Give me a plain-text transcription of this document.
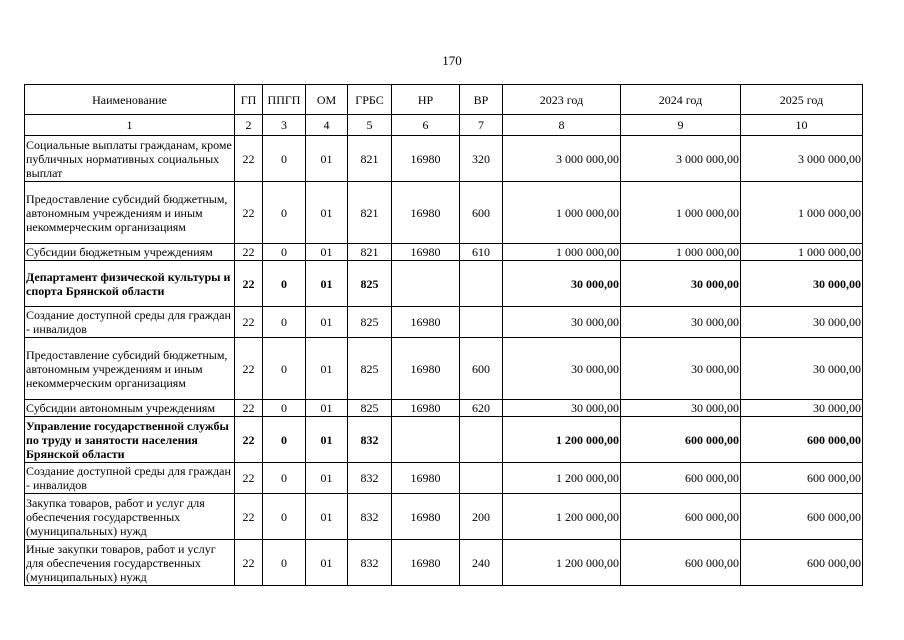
170
Наименование	ГП	ППГП	ОМ	ГРБС	НР	ВР	2023 год	2024 год	2025 год
1	2	3	4	5	6	7	8	9	10
Социальные выплаты гражданам, кроме публичных нормативных социальных выплат	22	0	01	821	16980	320	3 000 000,00	3 000 000,00	3 000 000,00
Предоставление субсидий бюджетным, автономным учреждениям и иным некоммерческим организациям	22	0	01	821	16980	600	1 000 000,00	1 000 000,00	1 000 000,00
Субсидии бюджетным учреждениям	22	0	01	821	16980	610	1 000 000,00	1 000 000,00	1 000 000,00
Департамент физической культуры и спорта Брянской области	22	0	01	825			30 000,00	30 000,00	30 000,00
Создание доступной среды для граждан - инвалидов	22	0	01	825	16980		30 000,00	30 000,00	30 000,00
Предоставление субсидий бюджетным, автономным учреждениям и иным некоммерческим организациям	22	0	01	825	16980	600	30 000,00	30 000,00	30 000,00
Субсидии автономным учреждениям	22	0	01	825	16980	620	30 000,00	30 000,00	30 000,00
Управление государственной службы по труду и занятости населения Брянской области	22	0	01	832			1 200 000,00	600 000,00	600 000,00
Создание доступной среды для граждан - инвалидов	22	0	01	832	16980		1 200 000,00	600 000,00	600 000,00
Закупка товаров, работ и услуг для обеспечения государственных (муниципальных) нужд	22	0	01	832	16980	200	1 200 000,00	600 000,00	600 000,00
Иные закупки товаров, работ и услуг для обеспечения государственных (муниципальных) нужд	22	0	01	832	16980	240	1 200 000,00	600 000,00	600 000,00
